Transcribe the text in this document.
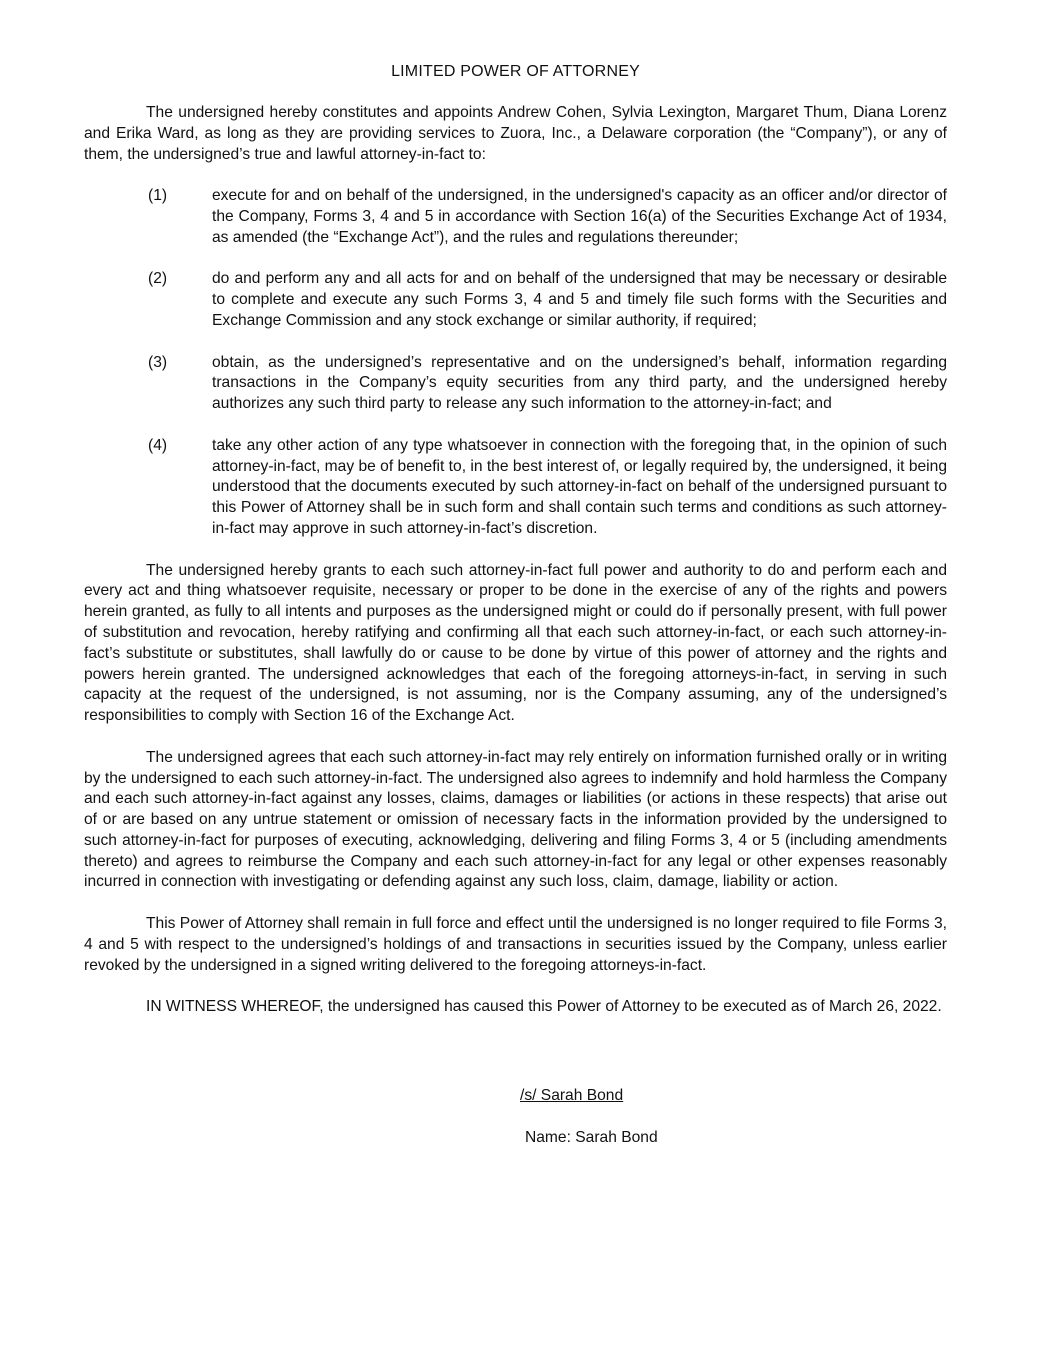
LIMITED POWER OF ATTORNEY

The undersigned hereby constitutes and appoints Andrew Cohen, Sylvia Lexington, Margaret Thum, Diana Lorenz and Erika Ward, as long as they are providing services to Zuora, Inc., a Delaware corporation (the “Company”), or any of them, the undersigned’s true and lawful attorney-in-fact to:

(1)	execute for and on behalf of the undersigned, in the undersigned's capacity as an officer and/or director of the Company, Forms 3, 4 and 5 in accordance with Section 16(a) of the Securities Exchange Act of 1934, as amended (the “Exchange Act”), and the rules and regulations thereunder;
(2)	do and perform any and all acts for and on behalf of the undersigned that may be necessary or desirable to complete and execute any such Forms 3, 4 and 5 and timely file such forms with the Securities and Exchange Commission and any stock exchange or similar authority, if required;
(3)	obtain, as the undersigned’s representative and on the undersigned’s behalf, information regarding transactions in the Company’s equity securities from any third party, and the undersigned hereby authorizes any such third party to release any such information to the attorney-in-fact; and
(4)	take any other action of any type whatsoever in connection with the foregoing that, in the opinion of such attorney-in-fact, may be of benefit to, in the best interest of, or legally required by, the undersigned, it being understood that the documents executed by such attorney-in-fact on behalf of the undersigned pursuant to this Power of Attorney shall be in such form and shall contain such terms and conditions as such attorney-in-fact may approve in such attorney-in-fact’s discretion.

The undersigned hereby grants to each such attorney-in-fact full power and authority to do and perform each and every act and thing whatsoever requisite, necessary or proper to be done in the exercise of any of the rights and powers herein granted, as fully to all intents and purposes as the undersigned might or could do if personally present, with full power of substitution and revocation, hereby ratifying and confirming all that each such attorney-in-fact, or each such attorney-in-fact’s substitute or substitutes, shall lawfully do or cause to be done by virtue of this power of attorney and the rights and powers herein granted. The undersigned acknowledges that each of the foregoing attorneys-in-fact, in serving in such capacity at the request of the undersigned, is not assuming, nor is the Company assuming, any of the undersigned’s responsibilities to comply with Section 16 of the Exchange Act.

The undersigned agrees that each such attorney-in-fact may rely entirely on information furnished orally or in writing by the undersigned to each such attorney-in-fact. The undersigned also agrees to indemnify and hold harmless the Company and each such attorney-in-fact against any losses, claims, damages or liabilities (or actions in these respects) that arise out of or are based on any untrue statement or omission of necessary facts in the information provided by the undersigned to such attorney-in-fact for purposes of executing, acknowledging, delivering and filing Forms 3, 4 or 5 (including amendments thereto) and agrees to reimburse the Company and each such attorney-in-fact for any legal or other expenses reasonably incurred in connection with investigating or defending against any such loss, claim, damage, liability or action.

This Power of Attorney shall remain in full force and effect until the undersigned is no longer required to file Forms 3, 4 and 5 with respect to the undersigned’s holdings of and transactions in securities issued by the Company, unless earlier revoked by the undersigned in a signed writing delivered to the foregoing attorneys-in-fact.

IN WITNESS WHEREOF, the undersigned has caused this Power of Attorney to be executed as of March 26, 2022.

/s/ Sarah Bond
Name: Sarah Bond
